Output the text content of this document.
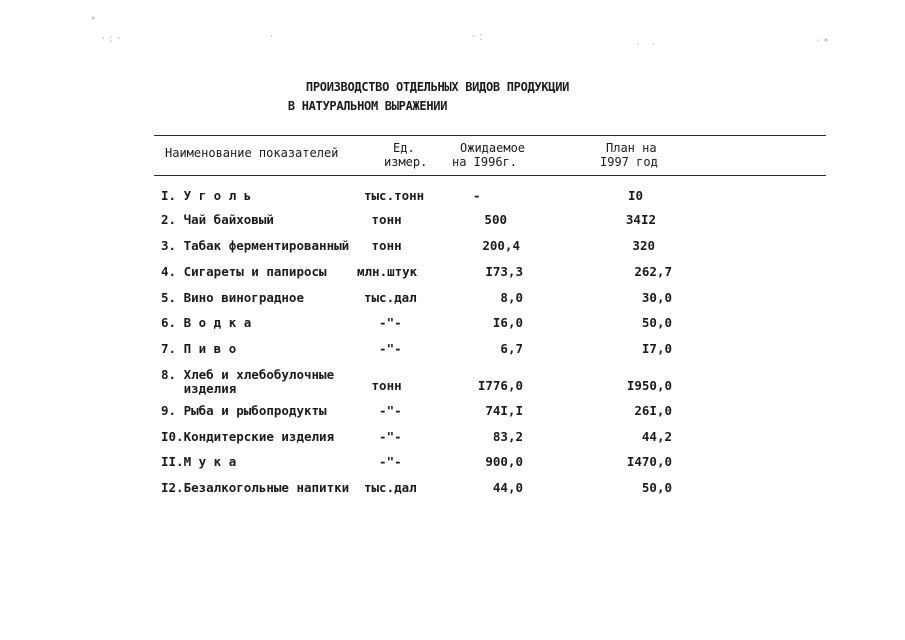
•
·:·	·	·:
· ·	·•
ПРОИЗВОДСТВО ОТДЕЛЬНЫХ ВИДОВ ПРОДУКЦИИ
В НАТУРАЛЬНОМ ВЫРАЖЕНИИ
Наименование показателей	Ед.
измер.
Ожидаемое
на I996г.
План на
I997 год
I. У г о л ь	тыс.тонн	-	I0
2. Чай байховый	тонн	500	34I2
3. Табак ферментированный тонн	200,4	320
4. Сигареты и папиросы млн.штук	I73,3	262,7
5. Вино виноградное	тыс.дал	8,0	30,0
6. В о д к а	-"-	I6,0	50,0
7. П и в о	-"-	6,7	I7,0
8. Хлеб и хлебобулочные
изделия	тонн	I776,0	I950,0
9. Рыба и рыбопродукты	-"-	74I,I	26I,0
I0.Кондитерские изделия -"-	83,2	44,2
II.М у к а	-"-	900,0	I470,0
I2.Безалкогольные напитки тыс.дал	44,0	50,0
